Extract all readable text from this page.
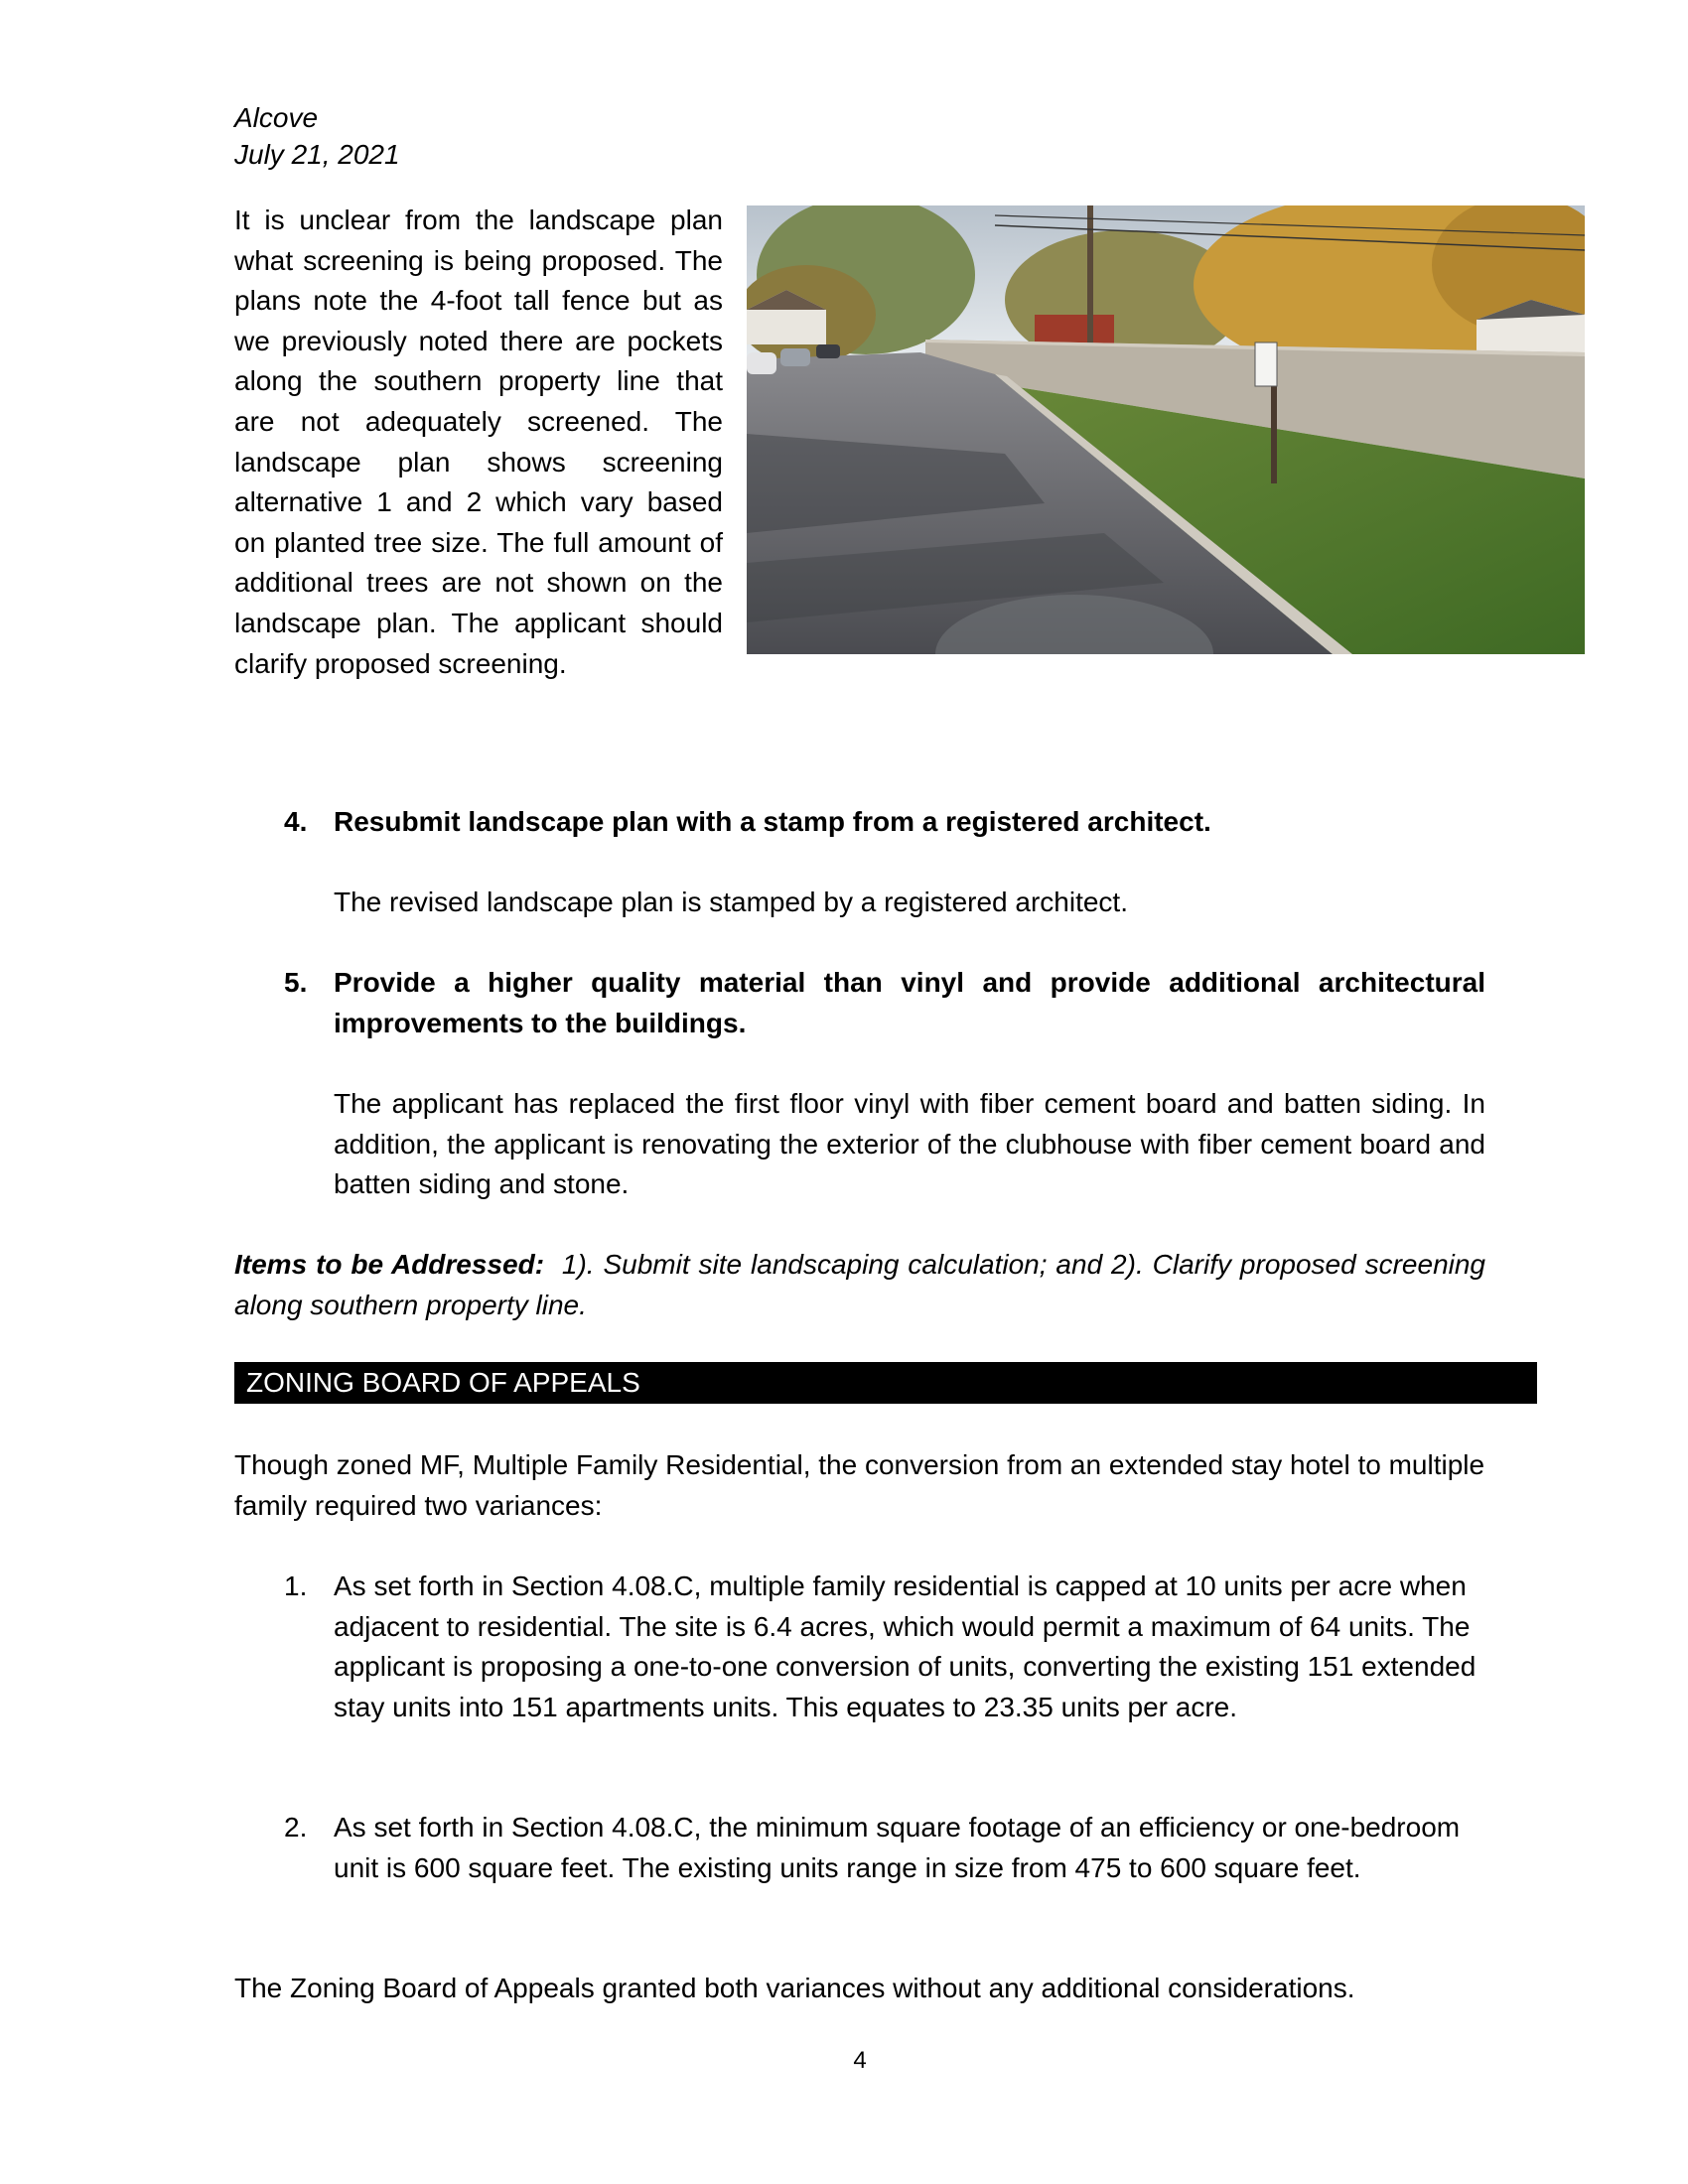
Alcove
July 21, 2021
It is unclear from the landscape plan what screening is being proposed. The plans note the 4-foot tall fence but as we previously noted there are pockets along the southern property line that are not adequately screened. The landscape plan shows screening alternative 1 and 2 which vary based on planted tree size. The full amount of additional trees are not shown on the landscape plan. The applicant should clarify proposed screening.
4. Resubmit landscape plan with a stamp from a registered architect.
The revised landscape plan is stamped by a registered architect.
5. Provide a higher quality material than vinyl and provide additional architectural improvements to the buildings.
The applicant has replaced the first floor vinyl with fiber cement board and batten siding. In addition, the applicant is renovating the exterior of the clubhouse with fiber cement board and batten siding and stone.
Items to be Addressed: 1). Submit site landscaping calculation; and 2). Clarify proposed screening along southern property line.
ZONING BOARD OF APPEALS
Though zoned MF, Multiple Family Residential, the conversion from an extended stay hotel to multiple family required two variances:
1. As set forth in Section 4.08.C, multiple family residential is capped at 10 units per acre when adjacent to residential. The site is 6.4 acres, which would permit a maximum of 64 units. The applicant is proposing a one-to-one conversion of units, converting the existing 151 extended stay units into 151 apartments units. This equates to 23.35 units per acre.
2. As set forth in Section 4.08.C, the minimum square footage of an efficiency or one-bedroom unit is 600 square feet. The existing units range in size from 475 to 600 square feet.
The Zoning Board of Appeals granted both variances without any additional considerations.
4
